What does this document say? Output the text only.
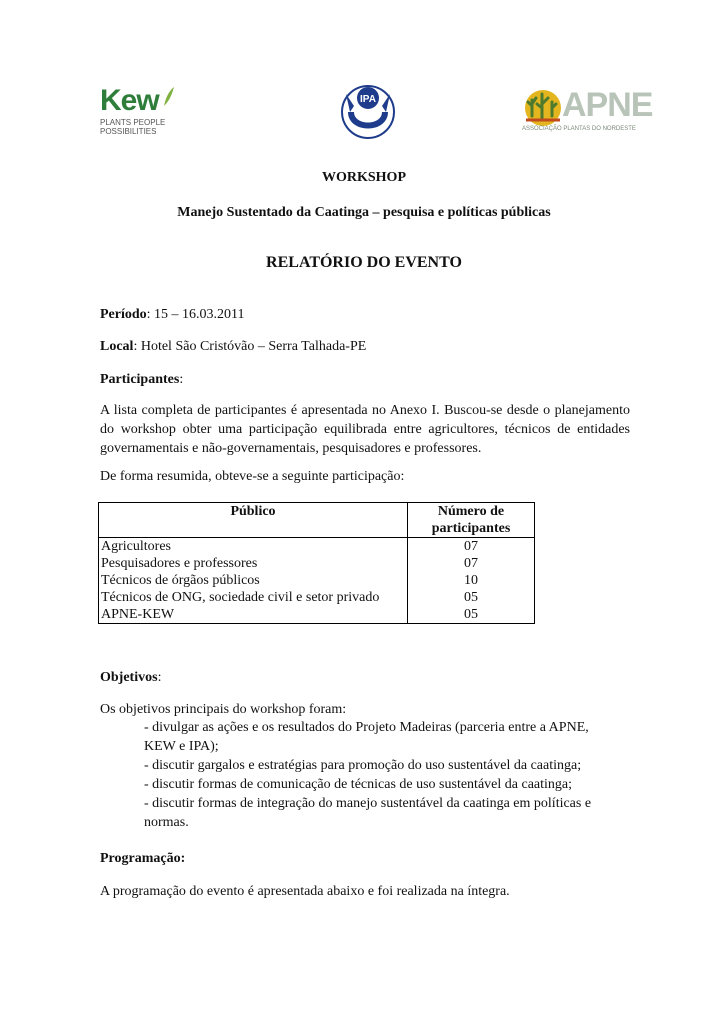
Kew
PLANTS PEOPLE POSSIBILITIES
IPA	APNE
ASSOCIAÇÃO PLANTAS DO NORDESTE
WORKSHOP
Manejo Sustentado da Caatinga – pesquisa e políticas públicas
RELATÓRIO DO EVENTO
Período: 15 – 16.03.2011
Local: Hotel São Cristóvão – Serra Talhada-PE
Participantes:
A lista completa de participantes é apresentada no Anexo I. Buscou-se desde o planejamento do workshop obter uma participação equilibrada entre agricultores, técnicos de entidades governamentais e não-governamentais, pesquisadores e professores.
De forma resumida, obteve-se a seguinte participação:
Público	Número de participantes
Agricultores	07
Pesquisadores e professores	07
Técnicos de órgãos públicos	10
Técnicos de ONG, sociedade civil e setor privado	05
APNE-KEW	05
Objetivos:
Os objetivos principais do workshop foram:
- divulgar as ações e os resultados do Projeto Madeiras (parceria entre a APNE, KEW e IPA);
- discutir gargalos e estratégias para promoção do uso sustentável da caatinga;
- discutir formas de comunicação de técnicas de uso sustentável da caatinga;
- discutir formas de integração do manejo sustentável da caatinga em políticas e normas.
Programação:
A programação do evento é apresentada abaixo e foi realizada na íntegra.
